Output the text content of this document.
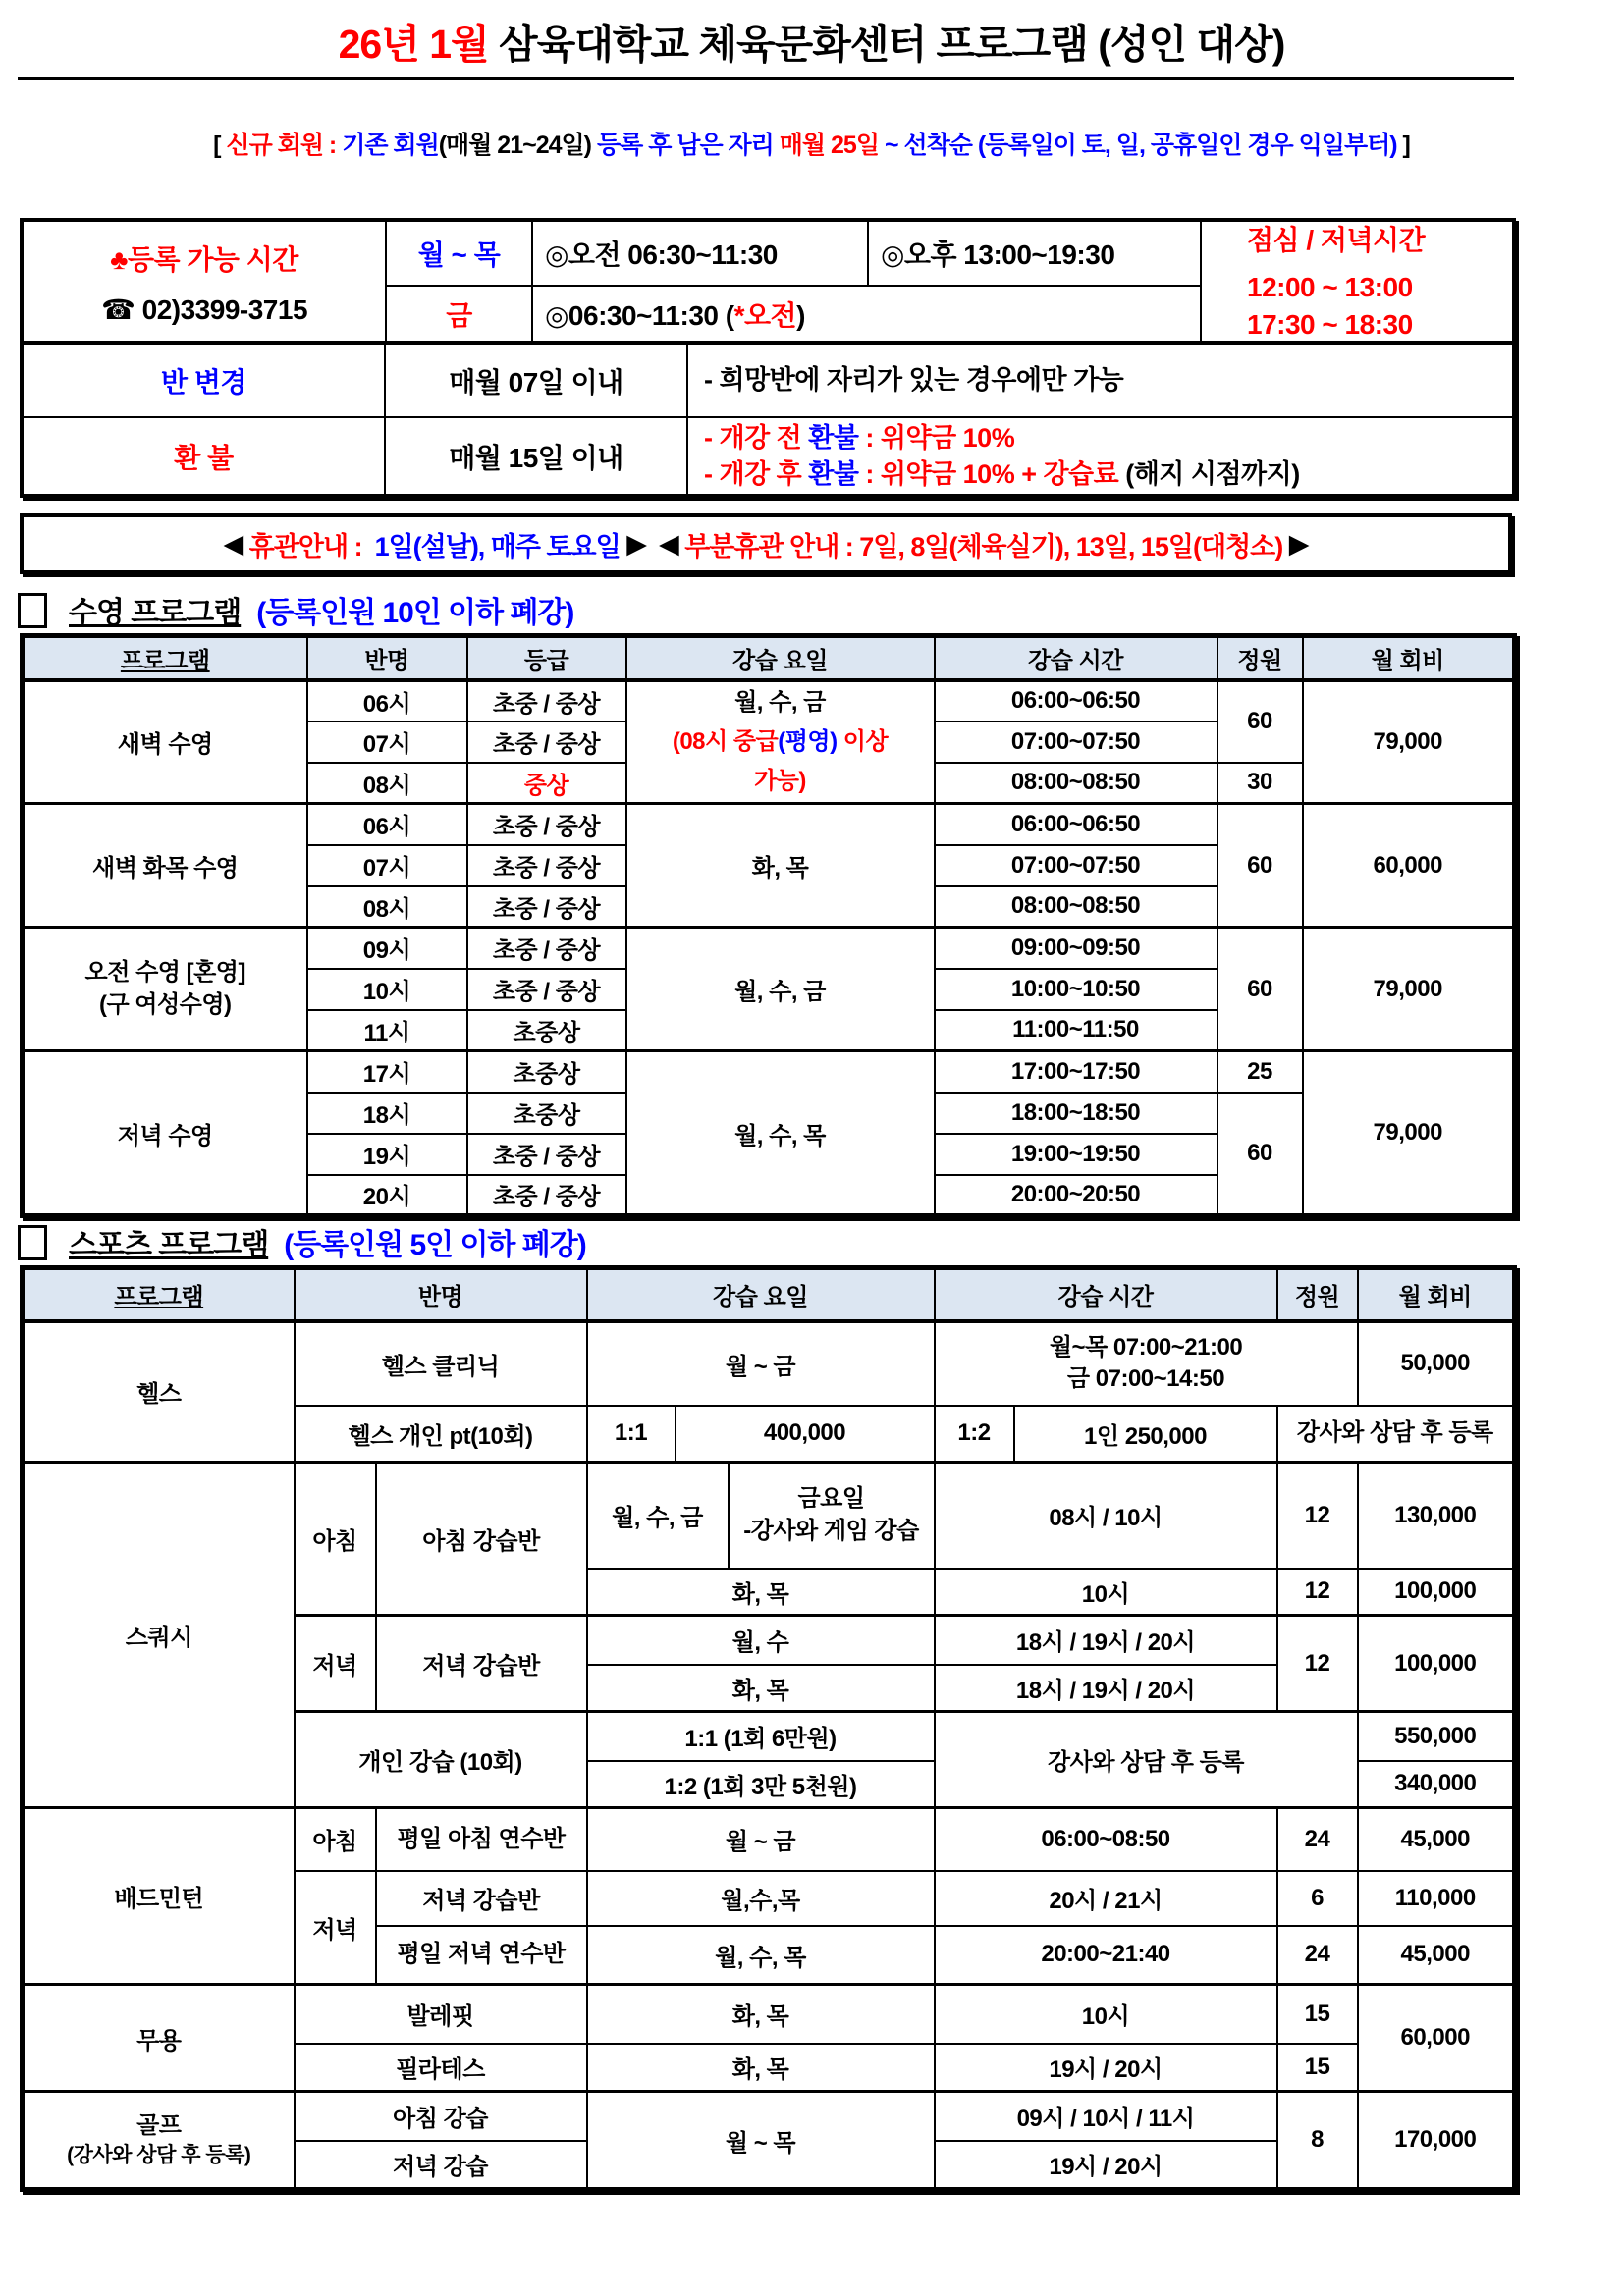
26년 1월 삼육대학교 체육문화센터 프로그램 (성인 대상)
[ 신규 회원 : 기존 회원(매월 21~24일) 등록 후 남은 자리 매월 25일 ~ 선착순 (등록일이 토, 일, 공휴일인 경우 익일부터) ]
♣등록 가능 시간
☎ 02)3399-3715
	월 ~ 목	◎오전 06:30~11:30	◎오후 13:00~19:30	점심 / 저녁시간
12:00 ~ 13:00
17:30 ~ 18:30

	금	◎06:30~11:30 (*오전)		
반 변경	매월 07일 이내	- 희망반에 자리가 있는 경우에만 가능
환 불	매월 15일 이내	- 개강 전 환불 : 위약금 10%
- 개강 후 환불 : 위약금 10% + 강습료 (해지 시점까지)
◀ 휴관안내 : 1일(설날), 매주 토요일 ▶ ◀ 부분휴관 안내 : 7일, 8일(체육실기), 13일, 15일(대청소) ▶
수영 프로그램 (등록인원 10인 이하 폐강)
프로그램	반명	등급	강습 요일	강습 시간	정원	월 회비
새벽 수영	06시	초중 / 중상	월, 수, 금
(08시 중급(평영) 이상
가능)	06:00~06:50	60	79,000
	07시	초중 / 중상		07:00~07:50		
	08시	중상		08:00~08:50	30	
새벽 화목 수영	06시	초중 / 중상	화, 목	06:00~06:50	60	60,000
	07시	초중 / 중상		07:00~07:50		
	08시	초중 / 중상		08:00~08:50		

오전 수영 [혼영]
(구 여성수영)	09시	초중 / 중상	월, 수, 금	09:00~09:50	60	79,000
	10시	초중 / 중상		10:00~10:50		
	11시	초중상		11:00~11:50		
저녁 수영	17시	초중상	월, 수, 목	17:00~17:50	25	79,000
	18시	초중상		18:00~18:50	60	
	19시	초중 / 중상		19:00~19:50		
	20시	초중 / 중상		20:00~20:50		
스포츠 프로그램 (등록인원 5인 이하 폐강)
프로그램	반명		강습 요일			강습 시간		정원	월 회비
헬스	헬스 클리닉		월 ~ 금			월~목 07:00~21:00
금 07:00~14:50			50,000
	헬스 개인 pt(10회)		1:1	400,000		1:2	1인 250,000	강사와 상담 후 등록	
스쿼시	아침	아침 강습반	월, 수, 금		금요일
-강사와 게임 강습	08시 / 10시		12	130,000
			화, 목			10시		12	100,000
	저녁	저녁 강습반	월, 수			18시 / 19시 / 20시		12	100,000
			화, 목			18시 / 19시 / 20시			
	개인 강습 (10회)		1:1 (1회 6만원)			강사와 상담 후 등록			550,000
			1:2 (1회 3만 5천원)						340,000
배드민턴	아침	평일 아침 연수반	월 ~ 금			06:00~08:50		24	45,000
	저녁	저녁 강습반	월,수,목			20시 / 21시		6	110,000
		평일 저녁 연수반	월, 수, 목			20:00~21:40		24	45,000
무용	발레핏		화, 목			10시		15	60,000
	필라테스		화, 목			19시 / 20시		15	

골프
(강사와 상담 후 등록)	아침 강습		월 ~ 목			09시 / 10시 / 11시		8	170,000
	저녁 강습					19시 / 20시			
